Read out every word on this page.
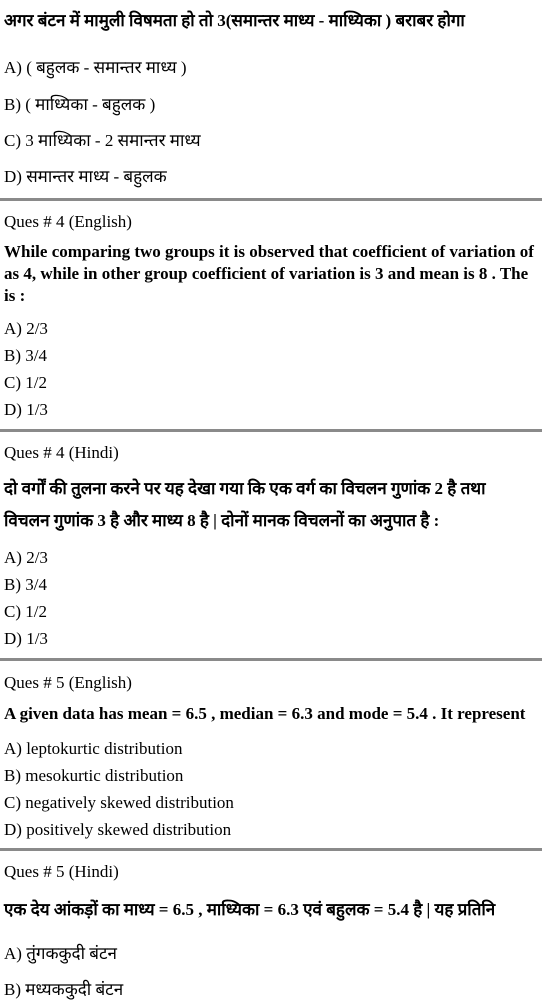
अगर बंटन में मामुली विषमता हो तो 3(समान्तर माध्य - माध्यिका ) बराबर होगा
A) ( बहुलक - समान्तर माध्य )
B) ( माध्यिका - बहुलक )
C) 3 माध्यिका - 2 समान्तर माध्य
D) समान्तर माध्य - बहुलक
Ques # 4 (English)
While comparing two groups it is observed that coefficient of variation of
as 4, while in other group coefficient of variation is 3 and mean is 8 . The
is :
A) 2/3
B) 3/4
C) 1/2
D) 1/3
Ques # 4 (Hindi)
दो वर्गों की तुलना करने पर यह देखा गया कि एक वर्ग का विचलन गुणांक 2 है तथा
विचलन गुणांक 3 है और माध्य 8 है | दोनों मानक विचलनों का अनुपात है :
A) 2/3
B) 3/4
C) 1/2
D) 1/3
Ques # 5 (English)
A given data has mean = 6.5 , median = 6.3 and mode = 5.4 . It represent
A) leptokurtic distribution
B) mesokurtic distribution
C) negatively skewed distribution
D) positively skewed distribution
Ques # 5 (Hindi)
एक देय आंकड़ों का माध्य = 6.5 , माध्यिका = 6.3 एवं बहुलक = 5.4 है | यह प्रतिनि
A) तुंगककुदी बंटन
B) मध्यककुदी बंटन
